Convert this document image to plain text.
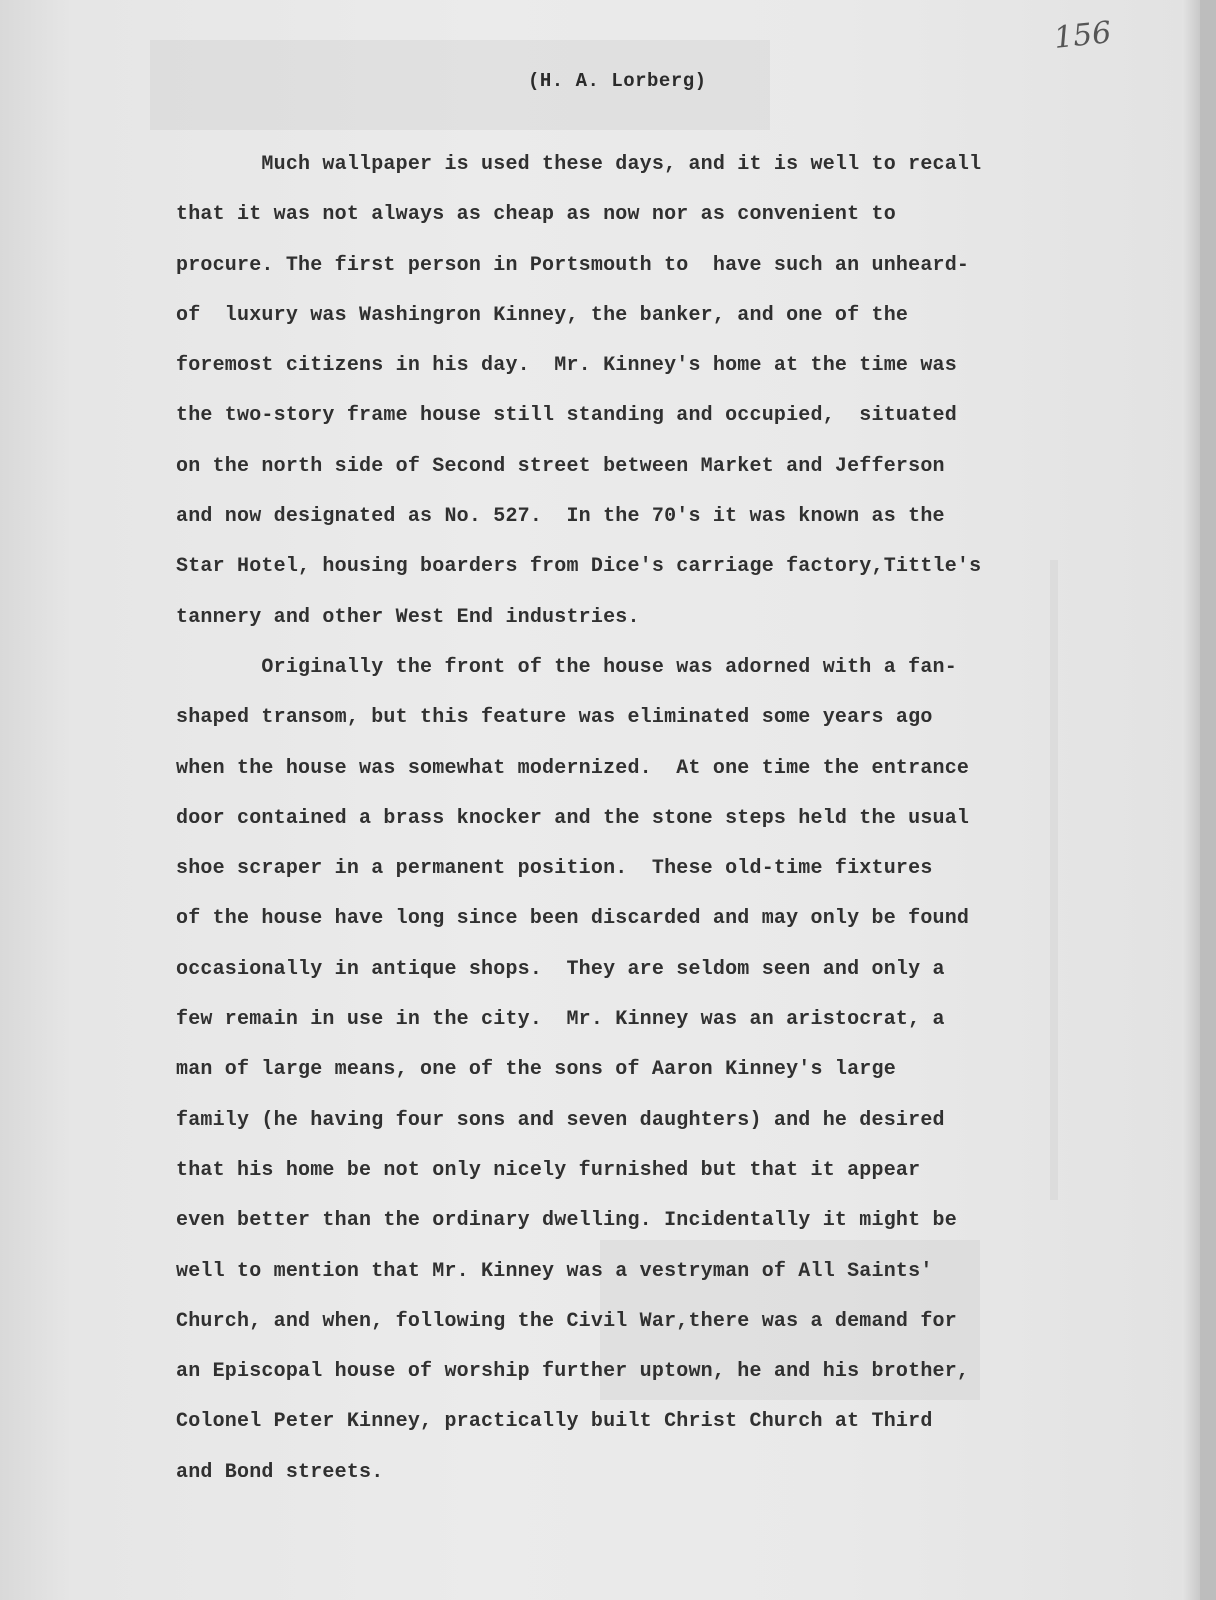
156
(H. A. Lorberg)
Much wallpaper is used these days, and it is well to recall
that it was not always as cheap as now nor as convenient to
procure. The first person in Portsmouth to  have such an unheard-
of  luxury was Washingron Kinney, the banker, and one of the
foremost citizens in his day.  Mr. Kinney's home at the time was
the two-story frame house still standing and occupied,  situated
on the north side of Second street between Market and Jefferson
and now designated as No. 527.  In the 70's it was known as the
Star Hotel, housing boarders from Dice's carriage factory,Tittle's
tannery and other West End industries.
Originally the front of the house was adorned with a fan-
shaped transom, but this feature was eliminated some years ago
when the house was somewhat modernized.  At one time the entrance
door contained a brass knocker and the stone steps held the usual
shoe scraper in a permanent position.  These old-time fixtures
of the house have long since been discarded and may only be found
occasionally in antique shops.  They are seldom seen and only a
few remain in use in the city.  Mr. Kinney was an aristocrat, a
man of large means, one of the sons of Aaron Kinney's large
family (he having four sons and seven daughters) and he desired
that his home be not only nicely furnished but that it appear
even better than the ordinary dwelling. Incidentally it might be
well to mention that Mr. Kinney was a vestryman of All Saints'
Church, and when, following the Civil War,there was a demand for
an Episcopal house of worship further uptown, he and his brother,
Colonel Peter Kinney, practically built Christ Church at Third
and Bond streets.
